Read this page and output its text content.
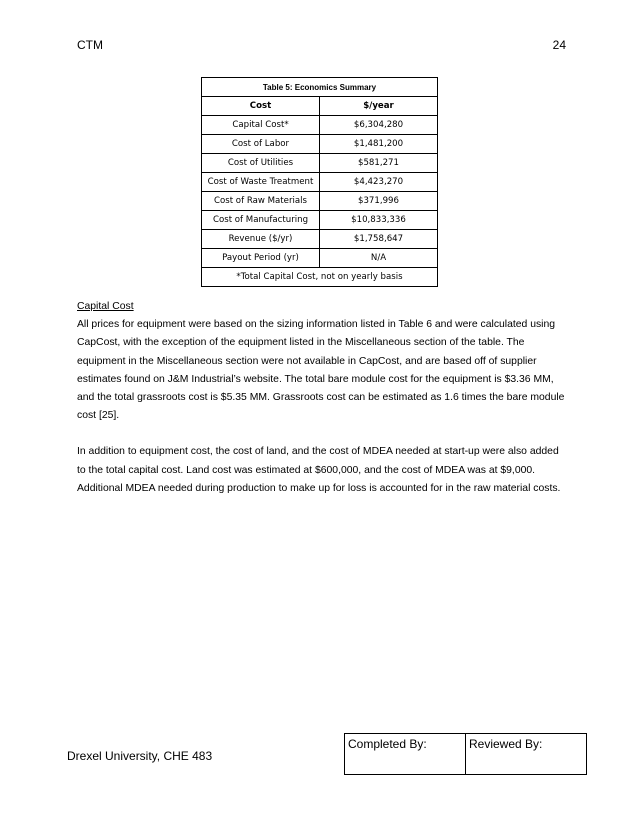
CTM	24
Table 5: Economics Summary	
Cost	$/year
Capital Cost*	$6,304,280
Cost of Labor	$1,481,200
Cost of Utilities	$581,271
Cost of Waste Treatment	$4,423,270
Cost of Raw Materials	$371,996
Cost of Manufacturing	$10,833,336
Revenue ($/yr)	$1,758,647
Payout Period (yr)	N/A
*Total Capital Cost, not on yearly basis	
Capital Cost

All prices for equipment were based on the sizing information listed in Table 6 and were calculated using CapCost, with the exception of the equipment listed in the Miscellaneous section of the table. The equipment in the Miscellaneous section were not available in CapCost, and are based off of supplier estimates found on J&M Industrial’s website. The total bare module cost for the equipment is $3.36 MM, and the total grassroots cost is $5.35 MM. Grassroots cost can be estimated as 1.6 times the bare module cost [25].

In addition to equipment cost, the cost of land, and the cost of MDEA needed at start-up were also added to the total capital cost. Land cost was estimated at $600,000, and the cost of MDEA was at $9,000. Additional MDEA needed during production to make up for loss is accounted for in the raw material costs.

Drexel University, CHE 483
Completed By:	Reviewed By:
